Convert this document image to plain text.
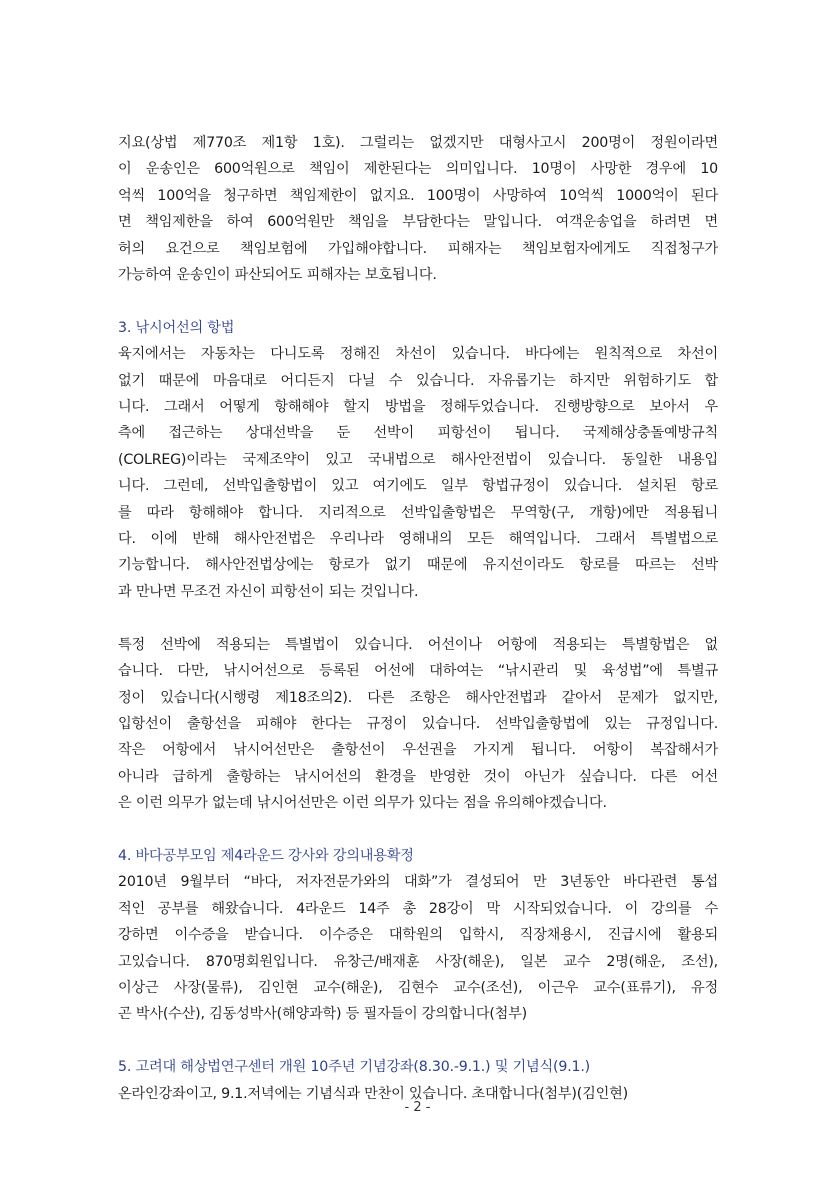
지요(상법 제770조 제1항 1호). 그럴리는 없겠지만 대형사고시 200명이 정원이라면
이 운송인은 600억원으로 책임이 제한된다는 의미입니다. 10명이 사망한 경우에 10
억씩 100억을 청구하면 책임제한이 없지요. 100명이 사망하여 10억씩 1000억이 된다
면 책임제한을 하여 600억원만 책임을 부담한다는 말입니다. 여객운송업을 하려면 면
허의 요건으로 책임보험에 가입해야합니다. 피해자는 책임보험자에게도 직접청구가
가능하여 운송인이 파산되어도 피해자는 보호됩니다.

3. 낚시어선의 항법

육지에서는 자동차는 다니도록 정해진 차선이 있습니다. 바다에는 원칙적으로 차선이
없기 때문에 마음대로 어디든지 다닐 수 있습니다. 자유롭기는 하지만 위험하기도 합
니다. 그래서 어떻게 항해해야 할지 방법을 정해두었습니다. 진행방향으로 보아서 우
측에 접근하는 상대선박을 둔 선박이 피항선이 됩니다. 국제해상충돌예방규칙
(COLREG)이라는 국제조약이 있고 국내법으로 해사안전법이 있습니다. 동일한 내용입
니다. 그런데, 선박입출항법이 있고 여기에도 일부 항법규정이 있습니다. 설치된 항로
를 따라 항해해야 합니다. 지리적으로 선박입출항법은 무역항(구, 개항)에만 적용됩니
다. 이에 반해 해사안전법은 우리나라 영해내의 모든 해역입니다. 그래서 특별법으로
기능합니다. 해사안전법상에는 항로가 없기 때문에 유지선이라도 항로를 따르는 선박
과 만나면 무조건 자신이 피항선이 되는 것입니다.

특정 선박에 적용되는 특별법이 있습니다. 어선이나 어항에 적용되는 특별항법은 없
습니다. 다만, 낚시어선으로 등록된 어선에 대하여는 “낚시관리 및 육성법”에 특별규
정이 있습니다(시행령 제18조의2). 다른 조항은 해사안전법과 같아서 문제가 없지만,
입항선이 출항선을 피해야 한다는 규정이 있습니다. 선박입출항법에 있는 규정입니다.
작은 어항에서 낚시어선만은 출항선이 우선권을 가지게 됩니다. 어항이 복잡해서가
아니라 급하게 출항하는 낚시어선의 환경을 반영한 것이 아닌가 싶습니다. 다른 어선
은 이런 의무가 없는데 낚시어선만은 이런 의무가 있다는 점을 유의해야겠습니다.

4. 바다공부모임 제4라운드 강사와 강의내용확정

2010년 9월부터 “바다, 저자전문가와의 대화”가 결성되어 만 3년동안 바다관련 통섭
적인 공부를 해왔습니다. 4라운드 14주 총 28강이 막 시작되었습니다. 이 강의를 수
강하면 이수증을 받습니다. 이수증은 대학원의 입학시, 직장채용시, 진급시에 활용되
고있습니다. 870명회원입니다. 유창근/배재훈 사장(해운), 일본 교수 2명(해운, 조선),
이상근 사장(물류), 김인현 교수(해운), 김현수 교수(조선), 이근우 교수(표류기), 유정
곤 박사(수산), 김동성박사(해양과학) 등 필자들이 강의합니다(첨부)

5. 고려대 해상법연구센터 개원 10주년 기념강좌(8.30.-9.1.) 및 기념식(9.1.)

온라인강좌이고, 9.1.저녁에는 기념식과 만찬이 있습니다. 초대합니다(첨부)(김인현)

- 2 -
